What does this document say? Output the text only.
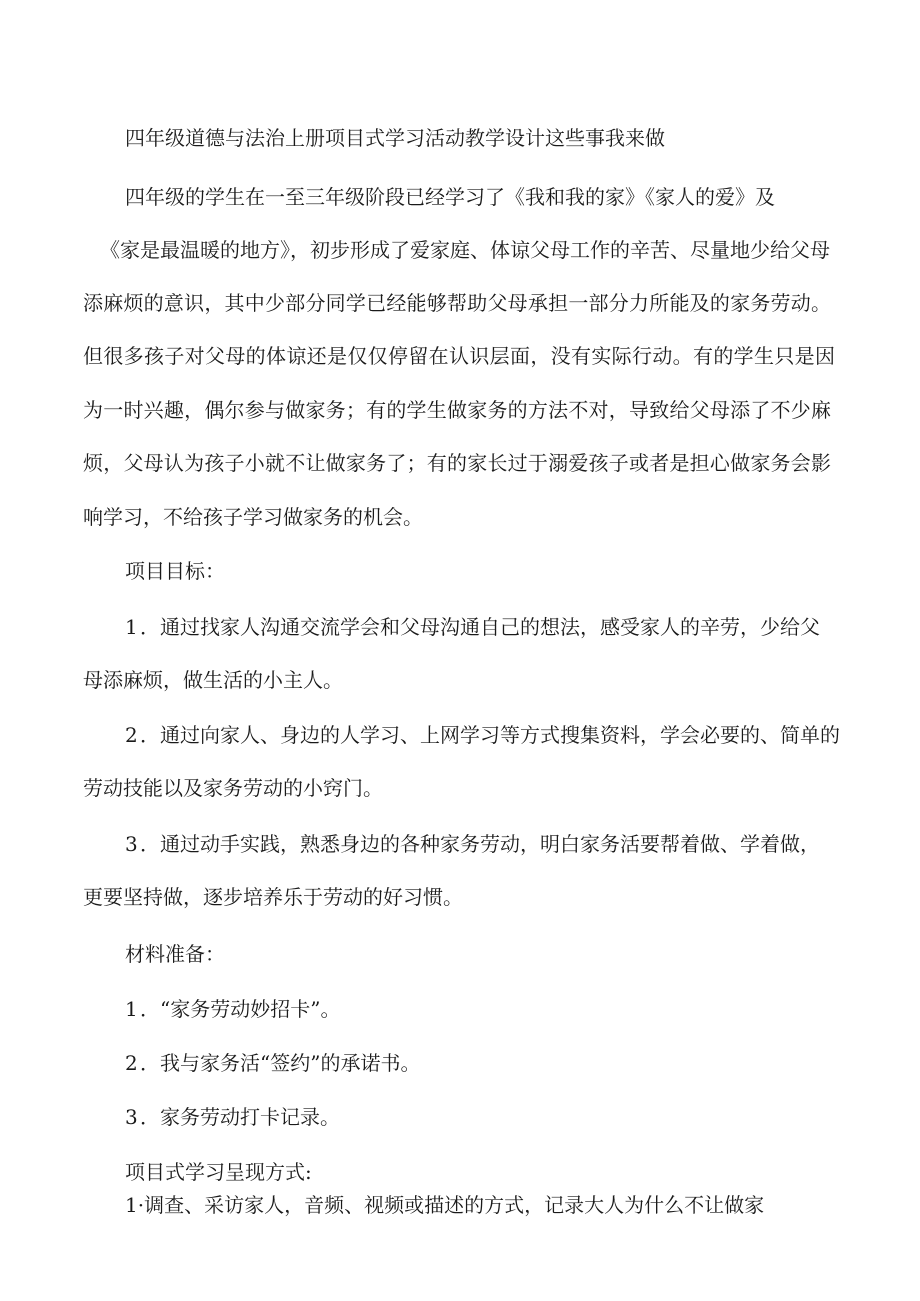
四年级道德与法治上册项目式学习活动教学设计这些事我来做
四年级的学生在一至三年级阶段已经学习了《我和我的家》《家人的爱》及
《家是最温暖的地方》，初步形成了爱家庭、体谅父母工作的辛苦、尽量地少给父母
添麻烦的意识，其中少部分同学已经能够帮助父母承担一部分力所能及的家务劳动。
但很多孩子对父母的体谅还是仅仅停留在认识层面，没有实际行动。有的学生只是因
为一时兴趣，偶尔参与做家务；有的学生做家务的方法不对，导致给父母添了不少麻
烦，父母认为孩子小就不让做家务了；有的家长过于溺爱孩子或者是担心做家务会影
响学习，不给孩子学习做家务的机会。
项目目标：
1 ．通过找家人沟通交流学会和父母沟通自己的想法，感受家人的辛劳，少给父
母添麻烦，做生活的小主人。
2 ．通过向家人、身边的人学习、上网学习等方式搜集资料，学会必要的、简单的
劳动技能以及家务劳动的小窍门。
3 ．通过动手实践，熟悉身边的各种家务劳动，明白家务活要帮着做、学着做，
更要坚持做，逐步培养乐于劳动的好习惯。
材料准备：
1 ．“家务劳动妙招卡”。
2 ．我与家务活“签约”的承诺书。
3 ．家务劳动打卡记录。
项目式学习呈现方式:
1·调查、采访家人，音频、视频或描述的方式，记录大人为什么不让做家
